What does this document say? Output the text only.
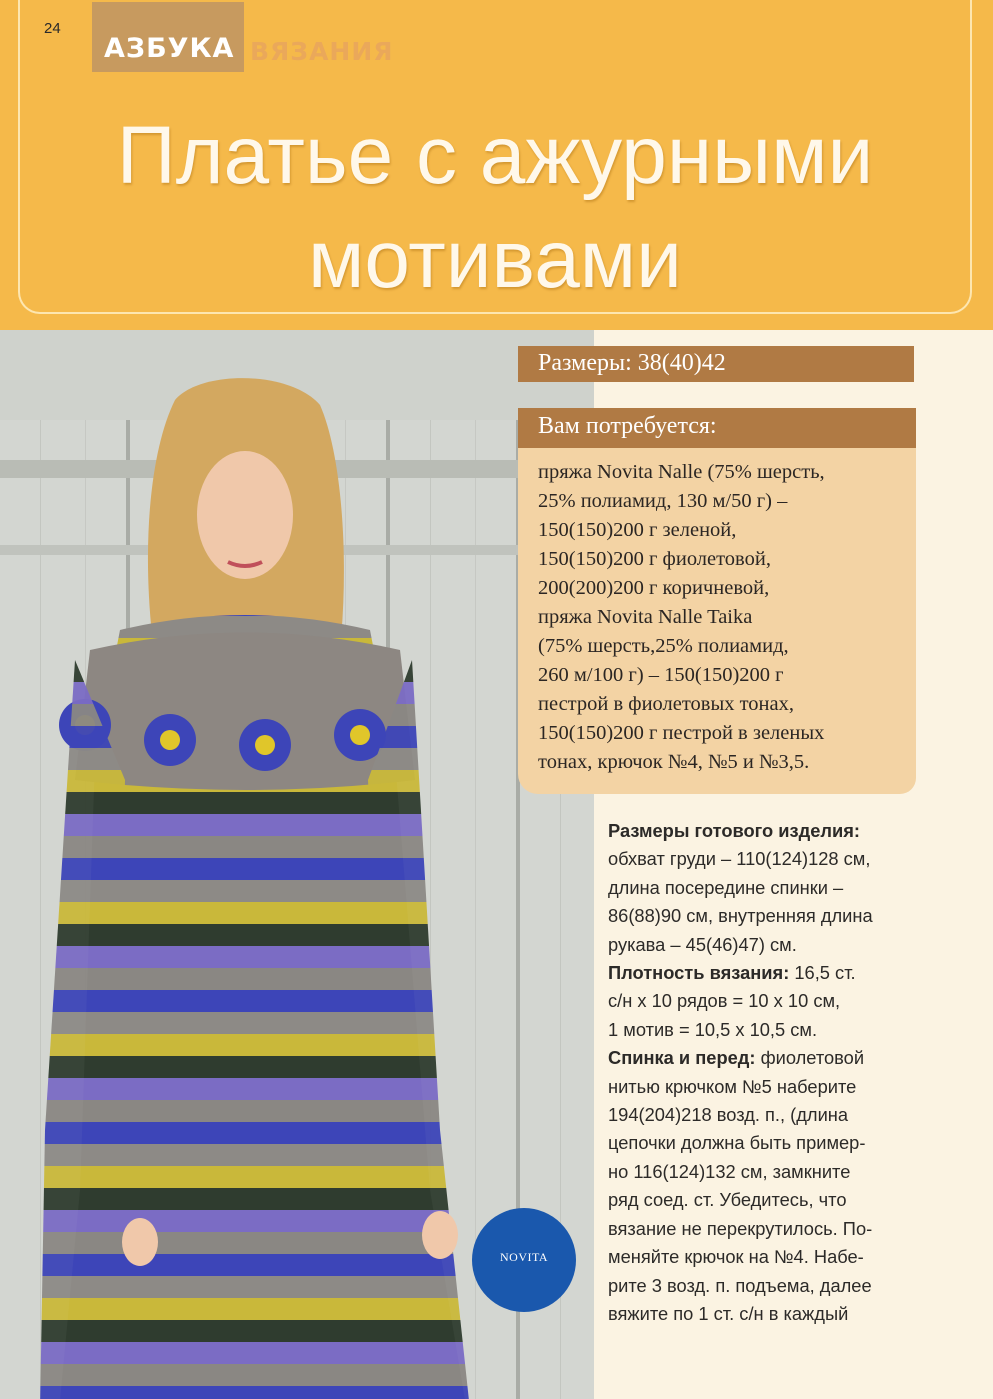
24
АЗБУКА ВЯЗАНИЯ
Платье с ажурными
мотивами
Размеры: 38(40)42
Вам потребуется:
пряжа Novita Nalle (75% шерсть,
25% полиамид, 130 м/50 г) –
150(150)200 г зеленой,
150(150)200 г фиолетовой,
200(200)200 г коричневой,
пряжа Novita Nalle Taika
(75% шерсть,25% полиамид,
260 м/100 г) – 150(150)200 г
пестрой в фиолетовых тонах,
150(150)200 г пестрой в зеленых
тонах, крючок №4, №5 и №3,5.
Размеры готового изделия:
обхват груди – 110(124)128 см,
длина посередине спинки –
86(88)90 см, внутренняя длина
рукава – 45(46)47) см.
Плотность вязания: 16,5 ст.
с/н х 10 рядов = 10 х 10 см,
1 мотив = 10,5 х 10,5 см.
Спинка и перед: фиолетовой
нитью крючком №5 наберите
194(204)218 возд. п., (длина
цепочки должна быть пример-
но 116(124)132 см, замкните
ряд соед. ст. Убедитесь, что
вязание не перекрутилось. По-
меняйте крючок на №4. Набе-
рите 3 возд. п. подъема, далее
вяжите по 1 ст. с/н в каждый
NOVITA
